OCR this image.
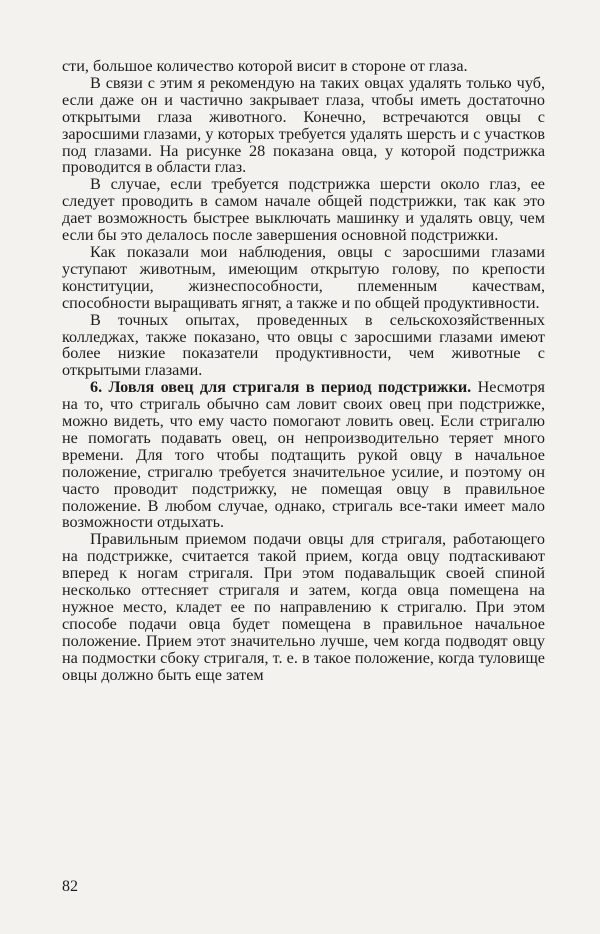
сти, большое количество которой висит в стороне от глаза.

В связи с этим я рекомендую на таких овцах удалять только чуб, если даже он и частично закрывает глаза, чтобы иметь достаточно открытыми глаза животного. Конечно, встречаются овцы с заросшими глазами, у которых требуется удалять шерсть и с участков под глазами. На рисунке 28 показана овца, у которой подстрижка проводится в области глаз.

В случае, если требуется подстрижка шерсти около глаз, ее следует проводить в самом начале общей подстрижки, так как это дает возможность быстрее выключать машинку и удалять овцу, чем если бы это делалось после завершения основной подстрижки.

Как показали мои наблюдения, овцы с заросшими глазами уступают животным, имеющим открытую голову, по крепости конституции, жизнеспособности, племенным качествам, способности выращивать ягнят, а также и по общей продуктивности.

В точных опытах, проведенных в сельскохозяйственных колледжах, также показано, что овцы с заросшими глазами имеют более низкие показатели продуктивности, чем животные с открытыми глазами.

6. Ловля овец для стригаля в период подстрижки. Несмотря на то, что стригаль обычно сам ловит своих овец при подстрижке, можно видеть, что ему часто помогают ловить овец. Если стригалю не помогать подавать овец, он непроизводительно теряет много времени. Для того чтобы подтащить рукой овцу в начальное положение, стригалю требуется значительное усилие, и поэтому он часто проводит подстрижку, не помещая овцу в правильное положение. В любом случае, однако, стригаль все-таки имеет мало возможности отдыхать.

Правильным приемом подачи овцы для стригаля, работающего на подстрижке, считается такой прием, когда овцу подтаскивают вперед к ногам стригаля. При этом подавальщик своей спиной несколько оттесняет стригаля и затем, когда овца помещена на нужное место, кладет ее по направлению к стригалю. При этом способе подачи овца будет помещена в правильное начальное положение. Прием этот значительно лучше, чем когда подводят овцу на подмостки сбоку стригаля, т. е. в такое положение, когда туловище овцы должно быть еще затем

82
